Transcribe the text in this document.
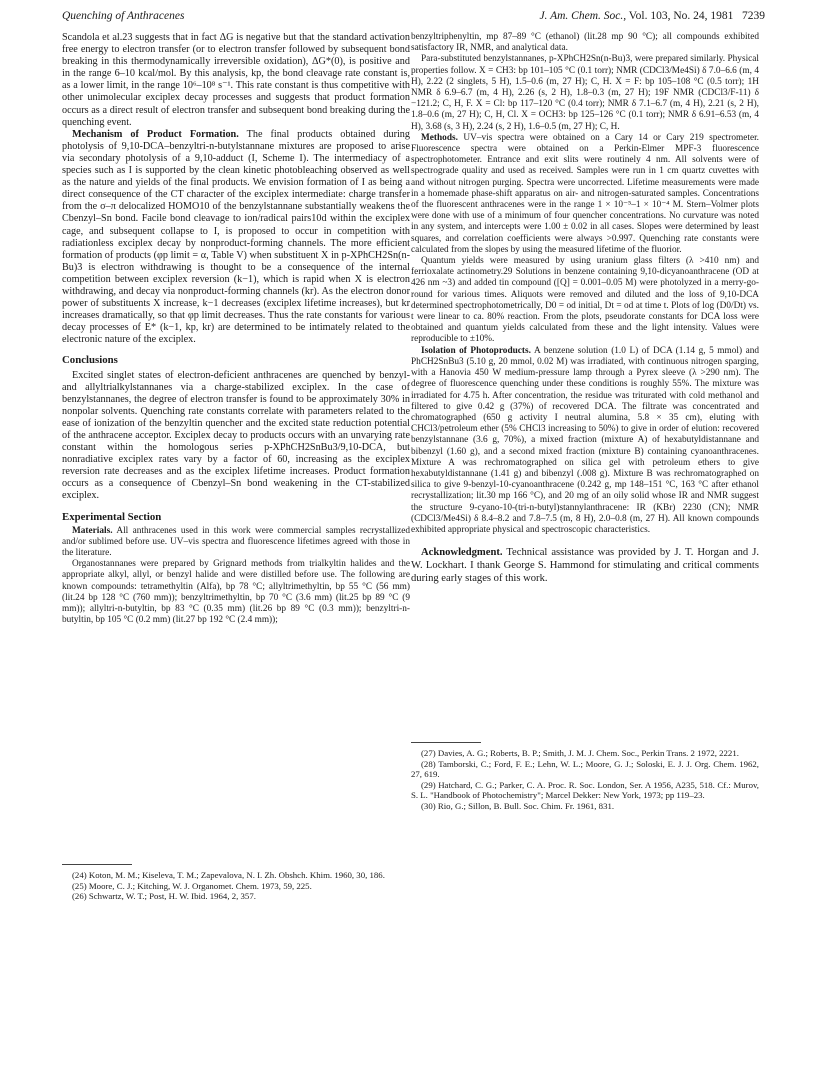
Quenching of Anthracenes	J. Am. Chem. Soc., Vol. 103, No. 24, 1981 7239

Scandola et al.23 suggests that in fact ΔG is negative but that the standard activation free energy to electron transfer (or to electron transfer followed by subsequent bond breaking in this thermodynamically irreversible oxidation), ΔG*(0), is positive and in the range 6–10 kcal/mol. By this analysis, kp, the bond cleavage rate constant is, as a lower limit, in the range 10⁶–10⁸ s⁻¹. This rate constant is thus competitive with other unimolecular exciplex decay processes and suggests that product formation occurs as a direct result of electron transfer and subsequent bond breaking during the quenching event.

Mechanism of Product Formation. The final products obtained during photolysis of 9,10-DCA–benzyltri-n-butylstannane mixtures are proposed to arise via secondary photolysis of a 9,10-adduct (I, Scheme I). The intermediacy of a species such as I is supported by the clean kinetic photobleaching observed as well as the nature and yields of the final products. We envision formation of I as being a direct consequence of the CT character of the exciplex intermediate: charge transfer from the σ–π delocalized HOMO10 of the benzylstannane substantially weakens the Cbenzyl–Sn bond. Facile bond cleavage to ion/radical pairs10d within the exciplex cage, and subsequent collapse to I, is proposed to occur in competition with radiationless exciplex decay by nonproduct-forming channels. The more efficient formation of products (φp limit = α, Table V) when substituent X in p-XPhCH2Sn(n-Bu)3 is electron withdrawing is thought to be a consequence of the internal competition between exciplex reversion (k−1), which is rapid when X is electron withdrawing, and decay via nonproduct-forming channels (kr). As the electron donor power of substituents X increase, k−1 decreases (exciplex lifetime increases), but kr increases dramatically, so that φp limit decreases. Thus the rate constants for various decay processes of E* (k−1, kp, kr) are determined to be intimately related to the electronic nature of the exciplex.

Conclusions

Excited singlet states of electron-deficient anthracenes are quenched by benzyl- and allyltrialkylstannanes via a charge-stabilized exciplex. In the case of benzylstannanes, the degree of electron transfer is found to be approximately 30% in nonpolar solvents. Quenching rate constants correlate with parameters related to the ease of ionization of the benzyltin quencher and the excited state reduction potential of the anthracene acceptor. Exciplex decay to products occurs with an unvarying rate constant within the homologous series p-XPhCH2SnBu3/9,10-DCA, but nonradiative exciplex rates vary by a factor of 60, increasing as the exciplex reversion rate decreases and as the exciplex lifetime increases. Product formation occurs as a consequence of Cbenzyl–Sn bond weakening in the CT-stabilized exciplex.

Experimental Section

Materials. All anthracenes used in this work were commercial samples recrystallized and/or sublimed before use. UV–vis spectra and fluorescence lifetimes agreed with those in the literature.

Organostannanes were prepared by Grignard methods from trialkyltin halides and the appropriate alkyl, allyl, or benzyl halide and were distilled before use. The following are known compounds: tetramethyltin (Alfa), bp 78 °C; allyltrimethyltin, bp 55 °C (56 mm) (lit.24 bp 128 °C (760 mm)); benzyltrimethyltin, bp 70 °C (3.6 mm) (lit.25 bp 89 °C (9 mm)); allyltri-n-butyltin, bp 83 °C (0.35 mm) (lit.26 bp 89 °C (0.3 mm)); benzyltri-n-butyltin, bp 105 °C (0.2 mm) (lit.27 bp 192 °C (2.4 mm));

(24) Koton, M. M.; Kiseleva, T. M.; Zapevalova, N. I. Zh. Obshch. Khim. 1960, 30, 186.

(25) Moore, C. J.; Kitching, W. J. Organomet. Chem. 1973, 59, 225.

(26) Schwartz, W. T.; Post, H. W. Ibid. 1964, 2, 357.

benzyltriphenyltin, mp 87–89 °C (ethanol) (lit.28 mp 90 °C); all compounds exhibited satisfactory IR, NMR, and analytical data.

Para-substituted benzylstannanes, p-XPhCH2Sn(n-Bu)3, were prepared similarly. Physical properties follow. X = CH3: bp 101–105 °C (0.1 torr); NMR (CDCl3/Me4Si) δ 7.0–6.6 (m, 4 H), 2.22 (2 singlets, 5 H), 1.5–0.6 (m, 27 H); C, H. X = F: bp 105–108 °C (0.5 torr); 1H NMR δ 6.9–6.7 (m, 4 H), 2.26 (s, 2 H), 1.8–0.3 (m, 27 H); 19F NMR (CDCl3/F-11) δ −121.2; C, H, F. X = Cl: bp 117–120 °C (0.4 torr); NMR δ 7.1–6.7 (m, 4 H), 2.21 (s, 2 H), 1.8–0.6 (m, 27 H); C, H, Cl. X = OCH3: bp 125–126 °C (0.1 torr); NMR δ 6.91–6.53 (m, 4 H), 3.68 (s, 3 H), 2.24 (s, 2 H), 1.6–0.5 (m, 27 H); C, H.

Methods. UV–vis spectra were obtained on a Cary 14 or Cary 219 spectrometer. Fluorescence spectra were obtained on a Perkin-Elmer MPF-3 fluorescence spectrophotometer. Entrance and exit slits were routinely 4 nm. All solvents were of spectrograde quality and used as received. Samples were run in 1 cm quartz cuvettes with and without nitrogen purging. Spectra were uncorrected. Lifetime measurements were made in a homemade phase-shift apparatus on air- and nitrogen-saturated samples. Concentrations of the fluorescent anthracenes were in the range 1 × 10⁻⁵–1 × 10⁻⁴ M. Stern–Volmer plots were done with use of a minimum of four quencher concentrations. No curvature was noted in any system, and intercepts were 1.00 ± 0.02 in all cases. Slopes were determined by least squares, and correlation coefficients were always >0.997. Quenching rate constants were calculated from the slopes by using the measured lifetime of the fluorior.

Quantum yields were measured by using uranium glass filters (λ >410 nm) and ferrioxalate actinometry.29 Solutions in benzene containing 9,10-dicyanoanthracene (OD at 426 nm ~3) and added tin compound ([Q] = 0.001–0.05 M) were photolyzed in a merry-go-round for various times. Aliquots were removed and diluted and the loss of 9,10-DCA determined spectrophotometrically, D0 = od initial, Dt = od at time t. Plots of log (D0/Dt) vs. t were linear to ca. 80% reaction. From the plots, pseudorate constants for DCA loss were obtained and quantum yields calculated from these and the light intensity. Values were reproducible to ±10%.

Isolation of Photoproducts. A benzene solution (1.0 L) of DCA (1.14 g, 5 mmol) and PhCH2SnBu3 (5.10 g, 20 mmol, 0.02 M) was irradiated, with continuous nitrogen sparging, with a Hanovia 450 W medium-pressure lamp through a Pyrex sleeve (λ >290 nm). The degree of fluorescence quenching under these conditions is roughly 55%. The mixture was irradiated for 4.75 h. After concentration, the residue was triturated with cold methanol and filtered to give 0.42 g (37%) of recovered DCA. The filtrate was concentrated and chromatographed (650 g activity I neutral alumina, 5.8 × 35 cm), eluting with CHCl3/petroleum ether (5% CHCl3 increasing to 50%) to give in order of elution: recovered benzylstannane (3.6 g, 70%), a mixed fraction (mixture A) of hexabutyldistannane and bibenzyl (1.60 g), and a second mixed fraction (mixture B) containing cyanoanthracenes. Mixture A was rechromatographed on silica gel with petroleum ethers to give hexabutyldistannane (1.41 g) and bibenzyl (.008 g). Mixture B was rechromatographed on silica to give 9-benzyl-10-cyanoanthracene (0.242 g, mp 148–151 °C, 163 °C after ethanol recrystallization; lit.30 mp 166 °C), and 20 mg of an oily solid whose IR and NMR suggest the structure 9-cyano-10-(tri-n-butyl)stannylanthracene: IR (KBr) 2230 (CN); NMR (CDCl3/Me4Si) δ 8.4–8.2 and 7.8–7.5 (m, 8 H), 2.0–0.8 (m, 27 H). All known compounds exhibited appropriate physical and spectroscopic characteristics.

Acknowledgment. Technical assistance was provided by J. T. Horgan and J. W. Lockhart. I thank George S. Hammond for stimulating and critical comments during early stages of this work.

(27) Davies, A. G.; Roberts, B. P.; Smith, J. M. J. Chem. Soc., Perkin Trans. 2 1972, 2221.

(28) Tamborski, C.; Ford, F. E.; Lehn, W. L.; Moore, G. J.; Soloski, E. J. J. Org. Chem. 1962, 27, 619.

(29) Hatchard, C. G.; Parker, C. A. Proc. R. Soc. London, Ser. A 1956, A235, 518. Cf.: Murov, S. L. "Handbook of Photochemistry"; Marcel Dekker: New York, 1973; pp 119–23.

(30) Rio, G.; Sillon, B. Bull. Soc. Chim. Fr. 1961, 831.
